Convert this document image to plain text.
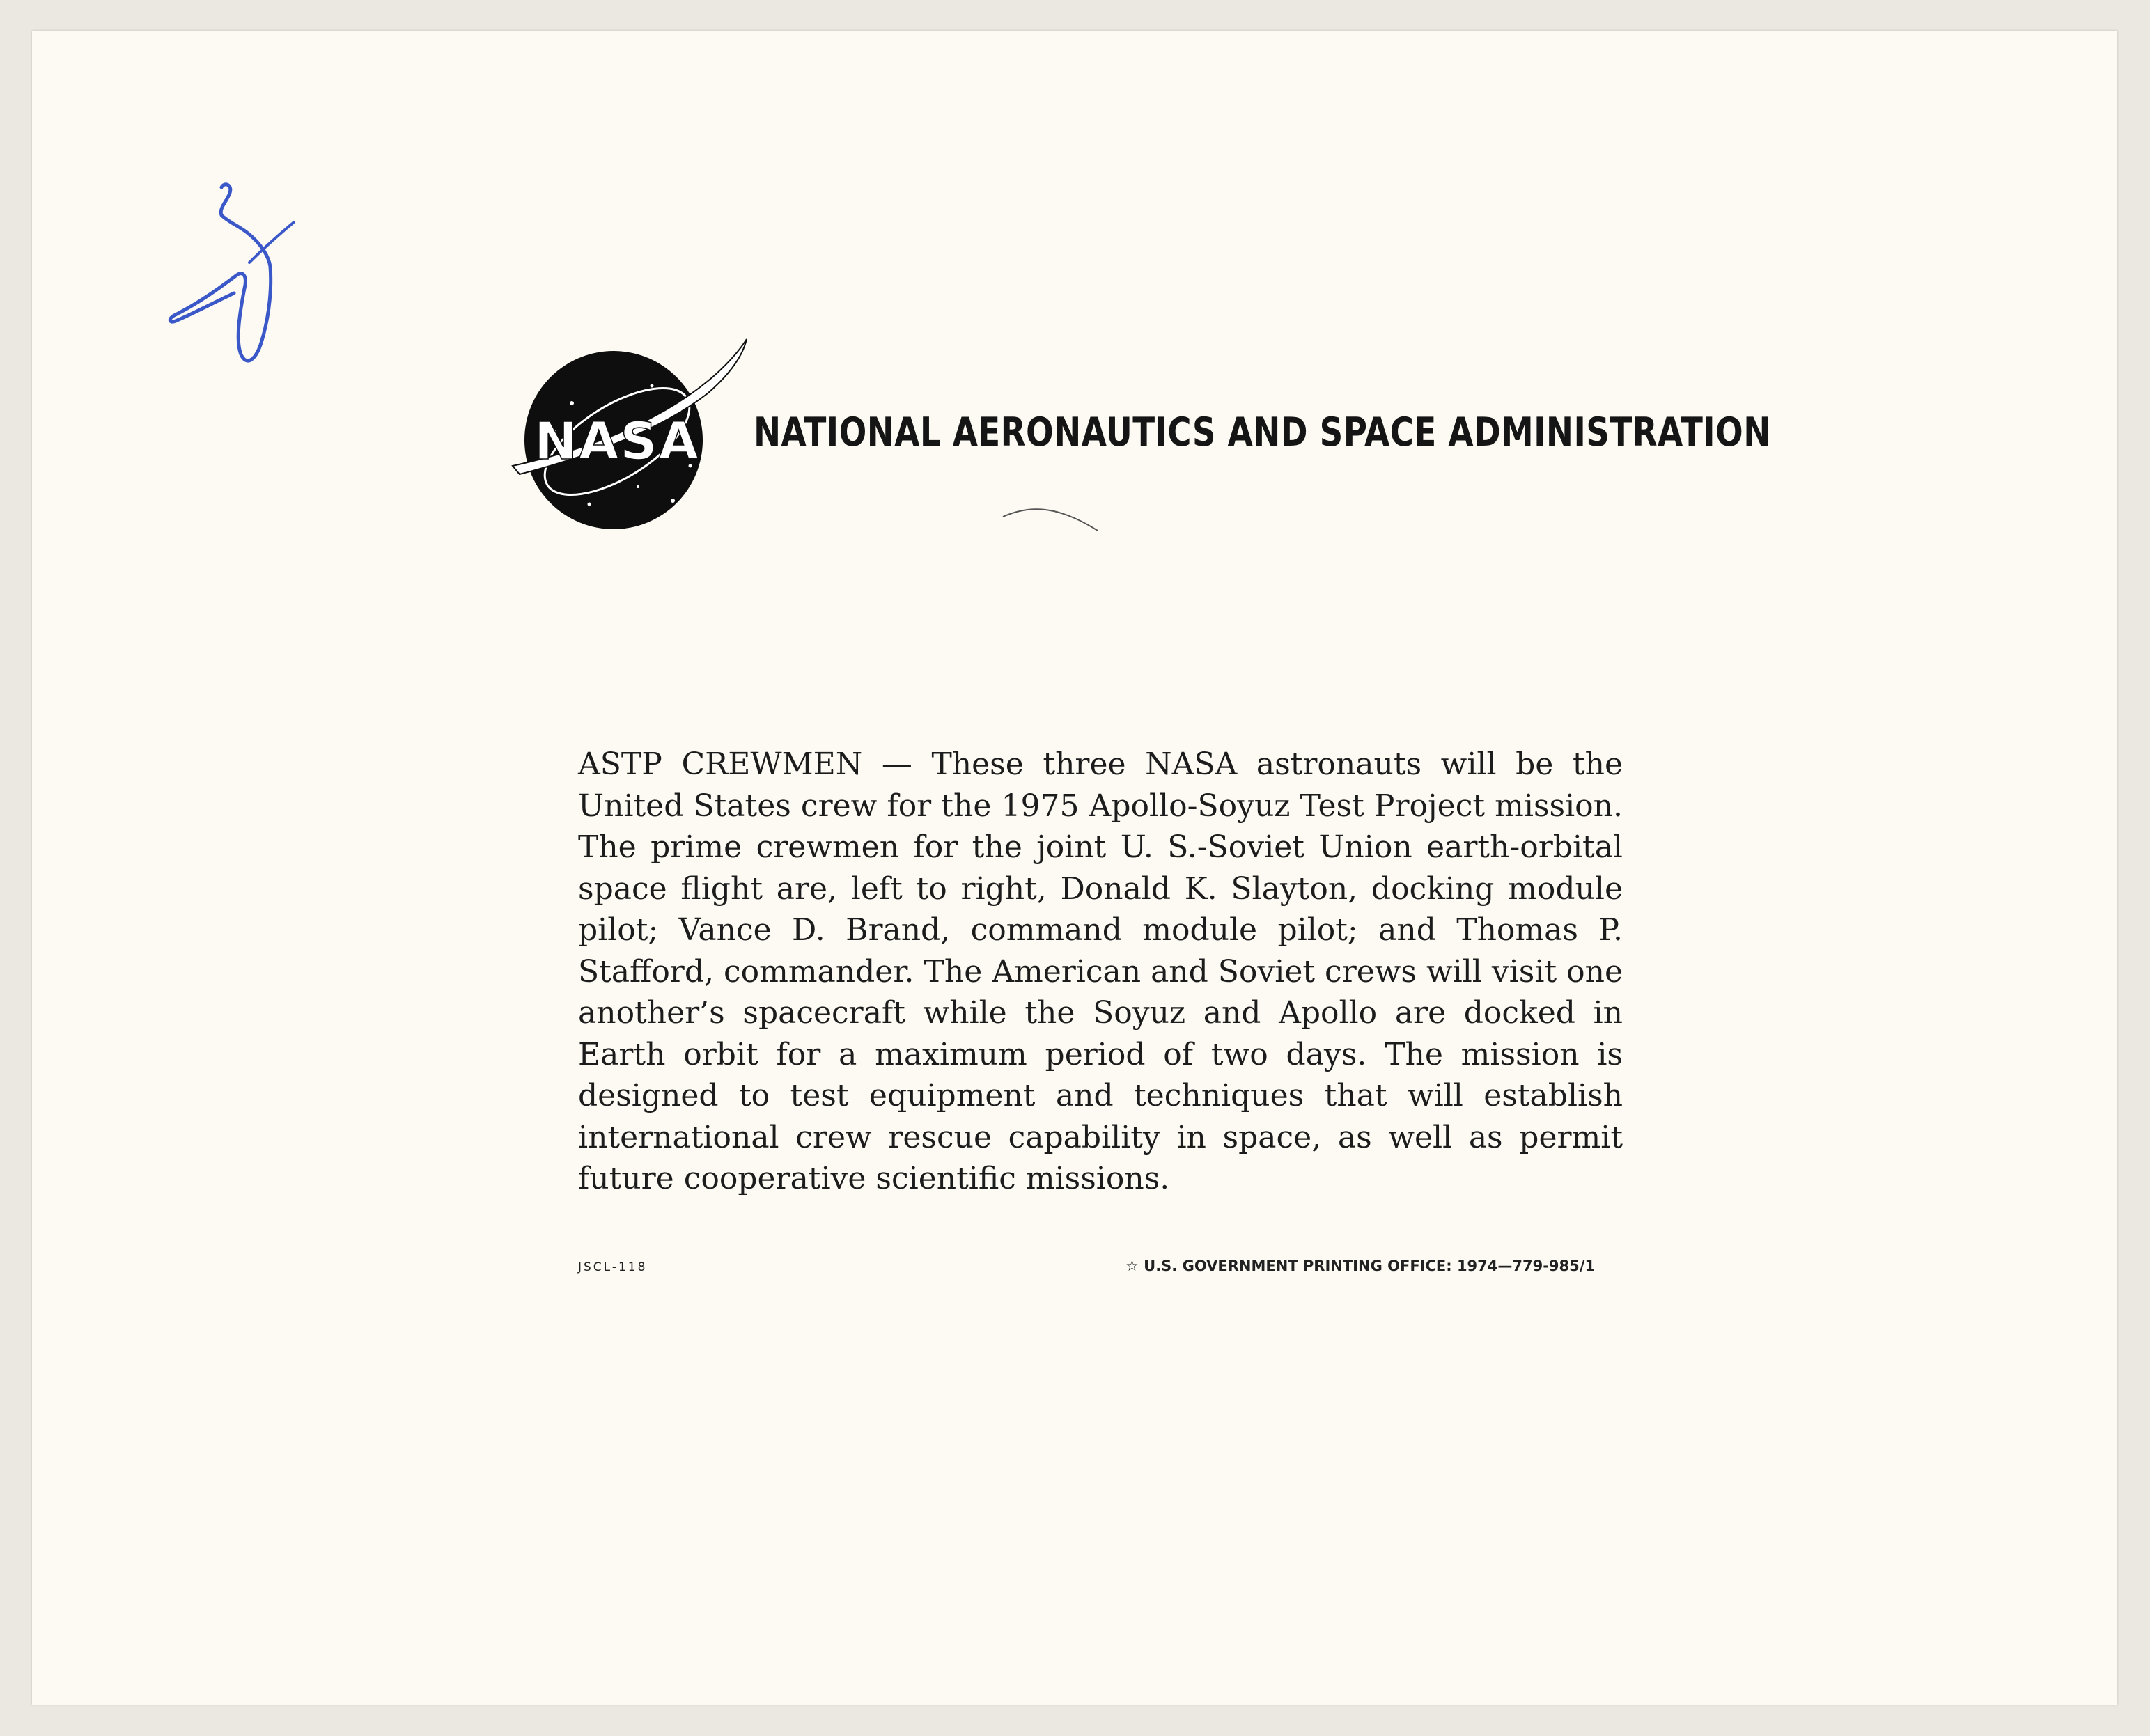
NASA NATIONAL AERONAUTICS AND SPACE ADMINISTRATION
ASTP CREWMEN — These three NASA astronauts will be the United States crew for the 1975 Apollo-Soyuz Test Project mission. The prime crewmen for the joint U. S.-Soviet Union earth-orbital space flight are, left to right, Donald K. Slayton, docking module pilot; Vance D. Brand, command module pilot; and Thomas P. Stafford, commander. The American and Soviet crews will visit one another’s spacecraft while the Soyuz and Apollo are docked in Earth orbit for a maximum period of two days. The mission is designed to test equipment and techniques that will establish international crew rescue capability in space, as well as permit future cooperative scientific missions.
JSCL-118	☆ U.S. GOVERNMENT PRINTING OFFICE: 1974—779-985/1
